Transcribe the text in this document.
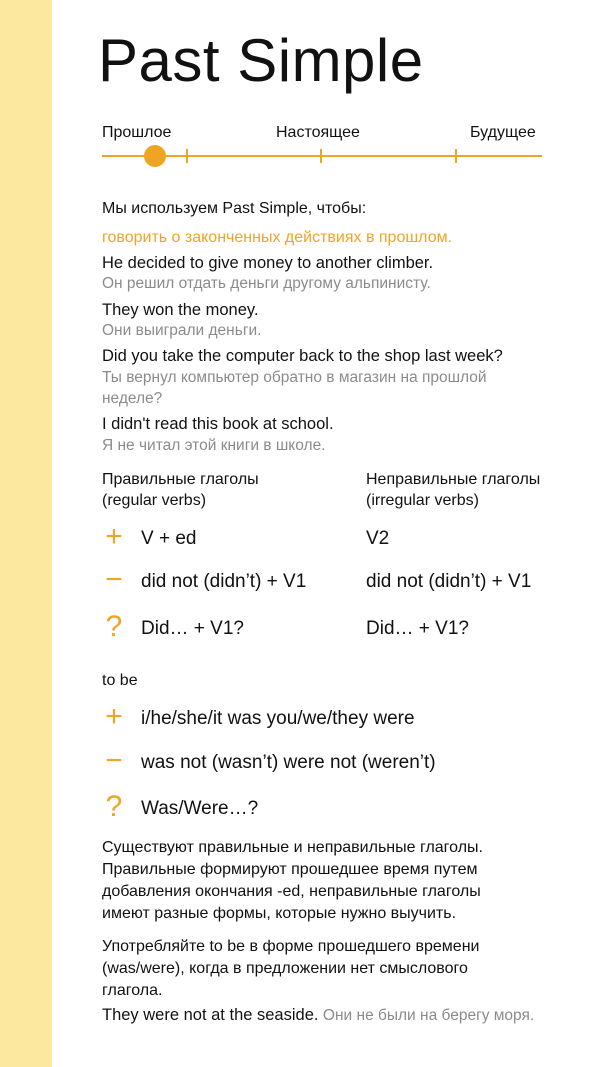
Past Simple
Прошлое	Настоящее	Будущее
Мы используем Past Simple, чтобы:
говорить о законченных действиях в прошлом.
He decided to give money to another climber.
Он решил отдать деньги другому альпинисту.
They won the money.
Они выиграли деньги.
Did you take the computer back to the shop last week?
Ты вернул компьютер обратно в магазин на прошлой
неделе?
I didn't read this book at school.
Я не читал этой книги в школе.
Правильные глаголы
(regular verbs)
Неправильные глаголы
(irregular verbs)
+ V + ed	V2
− did not (didn’t) + V1	did not (didn’t) + V1
? Did… + V1?	Did… + V1?
to be
+ i/he/she/it was you/we/they were
− was not (wasn’t) were not (weren’t)
? Was/Were…?
Существуют правильные и неправильные глаголы.
Правильные формируют прошедшее время путем
добавления окончания -ed, неправильные глаголы
имеют разные формы, которые нужно выучить.
Употребляйте to be в форме прошедшего времени
(was/were), когда в предложении нет смыслового
глагола.
They were not at the seaside. Они не были на берегу моря.
